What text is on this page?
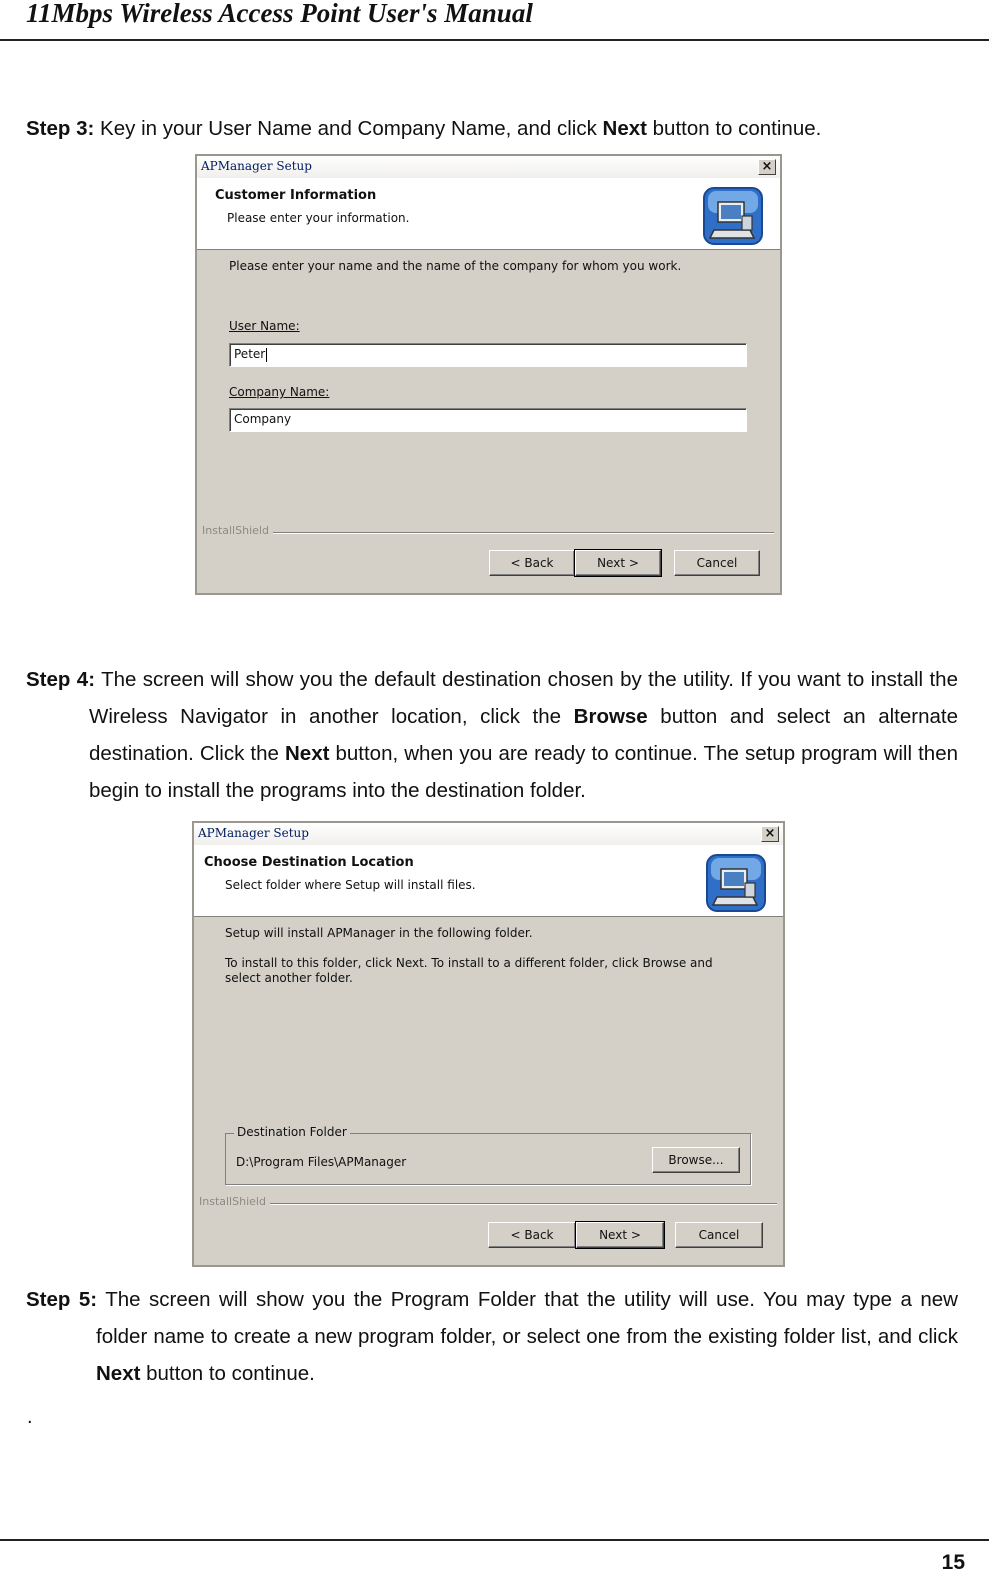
11Mbps Wireless Access Point User's Manual
Step 3: Key in your User Name and Company Name, and click Next button to continue.
APManager Setup	×
Customer Information
Please enter your information.
Please enter your name and the name of the company for whom you work.
User Name:
Peter
Company Name:
Company
InstallShield
< Back	Next >	Cancel
Step 4: The screen will show you the default destination chosen by the utility. If you want to install the Wireless Navigator in another location, click the Browse button and select an alternate destination. Click the Next button, when you are ready to continue. The setup program will then begin to install the programs into the destination folder.
APManager Setup	×
Choose Destination Location
Select folder where Setup will install files.
Setup will install APManager in the following folder.
To install to this folder, click Next. To install to a different folder, click Browse and select another folder.
Destination Folder
D:\Program Files\APManager	Browse...
InstallShield
< Back	Next >	Cancel
Step 5: The screen will show you the Program Folder that the utility will use. You may type a new folder name to create a new program folder, or select one from the existing folder list, and click Next button to continue.
.
15
